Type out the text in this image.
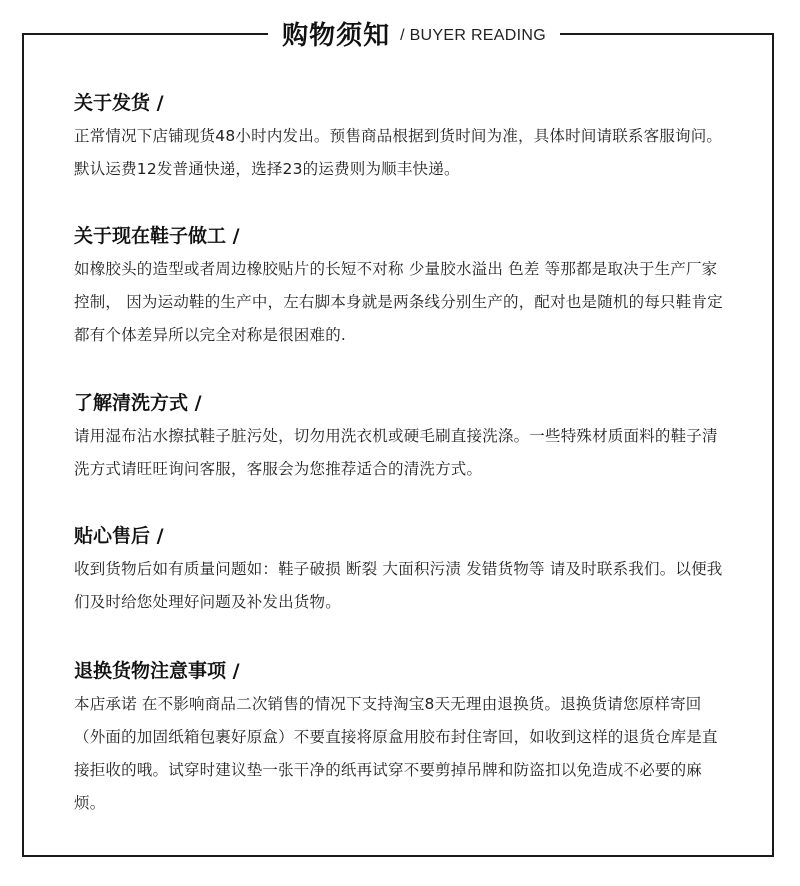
购物须知 / BUYER READING
关于发货 /
正常情况下店铺现货48小时内发出。预售商品根据到货时间为准，具体时间请联系客服询问。默认运费12发普通快递，选择23的运费则为顺丰快递。
关于现在鞋子做工 /
如橡胶头的造型或者周边橡胶贴片的长短不对称 少量胶水溢出 色差 等那都是取决于生产厂家控制， 因为运动鞋的生产中，左右脚本身就是两条线分别生产的，配对也是随机的每只鞋肯定都有个体差异所以完全对称是很困难的.
了解清洗方式 /
请用湿布沾水擦拭鞋子脏污处，切勿用洗衣机或硬毛刷直接洗涤。一些特殊材质面料的鞋子清洗方式请旺旺询问客服，客服会为您推荐适合的清洗方式。
贴心售后 /
收到货物后如有质量问题如：鞋子破损 断裂 大面积污渍 发错货物等 请及时联系我们。以便我们及时给您处理好问题及补发出货物。
退换货物注意事项 /
本店承诺 在不影响商品二次销售的情况下支持淘宝8天无理由退换货。退换货请您原样寄回（外面的加固纸箱包裹好原盒）不要直接将原盒用胶布封住寄回，如收到这样的退货仓库是直接拒收的哦。试穿时建议垫一张干净的纸再试穿不要剪掉吊牌和防盗扣以免造成不必要的麻烦。
